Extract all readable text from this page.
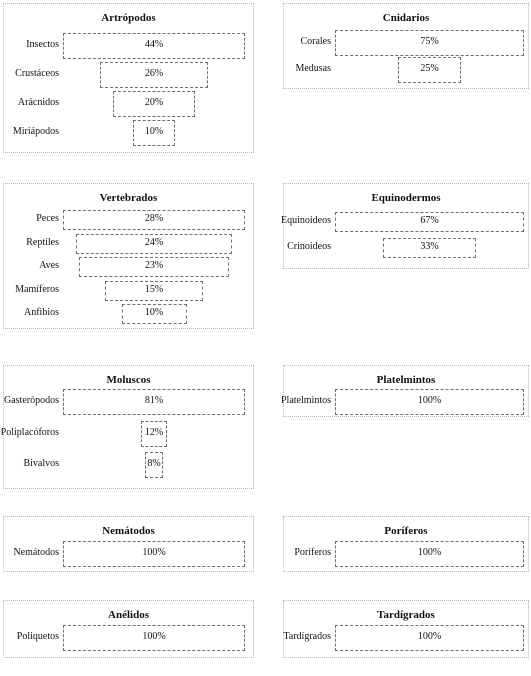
Artrópodos
Insectos	44%
Crustáceos	26%
Arácnidos	20%
Miriápodos	10%
Cnidarios
Corales	75%
Medusas	25%
Vertebrados
Peces	28%
Reptiles	24%
Aves	23%
Mamíferos	15%
Anfibios	10%
Equinodermos
Equinoideos	67%
Crinoideos	33%
Moluscos
Gasterópodos	81%
Poliplacóforos	12%
Bivalvos	8%
Platelmintos
Platelmintos	100%
Nemátodos
Nemátodos	100%
Poríferos
Poríferos	100%
Anélidos
Poliquetos	100%
Tardígrados
Tardígrados	100%
